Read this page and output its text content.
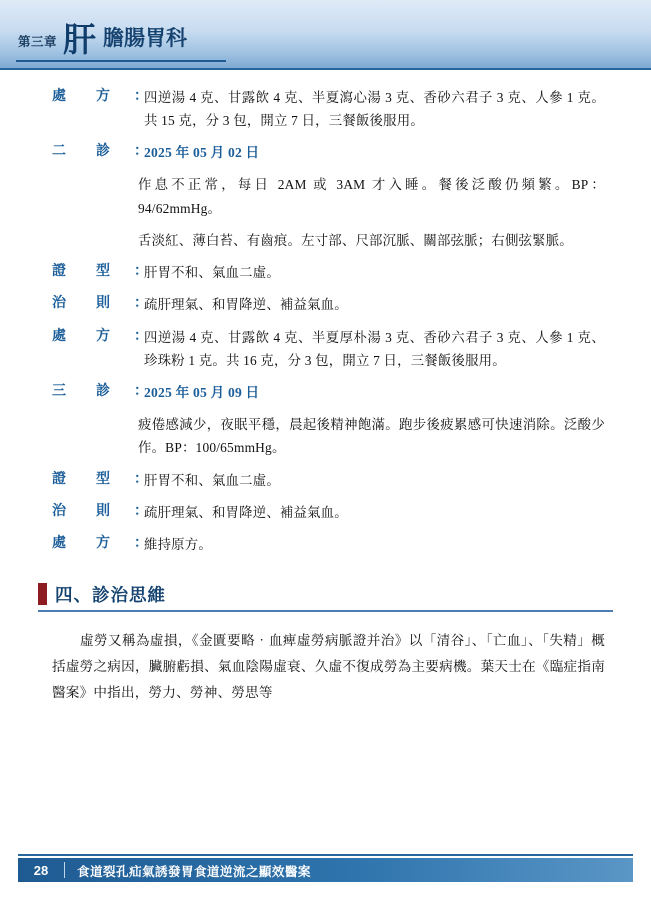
第三章 肝 膽腸胃科
處	方	：
四逆湯 4 克、甘露飲 4 克、半夏瀉心湯 3 克、香砂六君子 3 克、人參 1 克。共 15 克，分 3 包，開立 7 日，三餐飯後服用。
二	診	：
2025 年 05 月 02 日
作息不正常，每日 2AM 或 3AM 才入睡。餐後泛酸仍頻繁。BP：94/62mmHg。
舌淡紅、薄白苔、有齒痕。左寸部、尺部沉脈、關部弦脈；右側弦緊脈。
證	型	：
肝胃不和、氣血二虛。
治	則	：
疏肝理氣、和胃降逆、補益氣血。
處	方	：
四逆湯 4 克、甘露飲 4 克、半夏厚朴湯 3 克、香砂六君子 3 克、人參 1 克、珍珠粉 1 克。共 16 克，分 3 包，開立 7 日，三餐飯後服用。
三	診	：
2025 年 05 月 09 日
疲倦感減少，夜眠平穩，晨起後精神飽滿。跑步後疲累感可快速消除。泛酸少作。BP：100/65mmHg。
證	型	：
肝胃不和、氣血二虛。
治	則	：
疏肝理氣、和胃降逆、補益氣血。
處	方	：
維持原方。
四、診治思維
虛勞又稱為虛損，《金匱要略‧血痺虛勞病脈證并治》以「清谷」、「亡血」、「失精」概括虛勞之病因，臟腑虧損、氣血陰陽虛衰、久虛不復成勞為主要病機。葉天士在《臨症指南醫案》中指出，勞力、勞神、勞思等
28	食道裂孔疝氣誘發胃食道逆流之顯效醫案
